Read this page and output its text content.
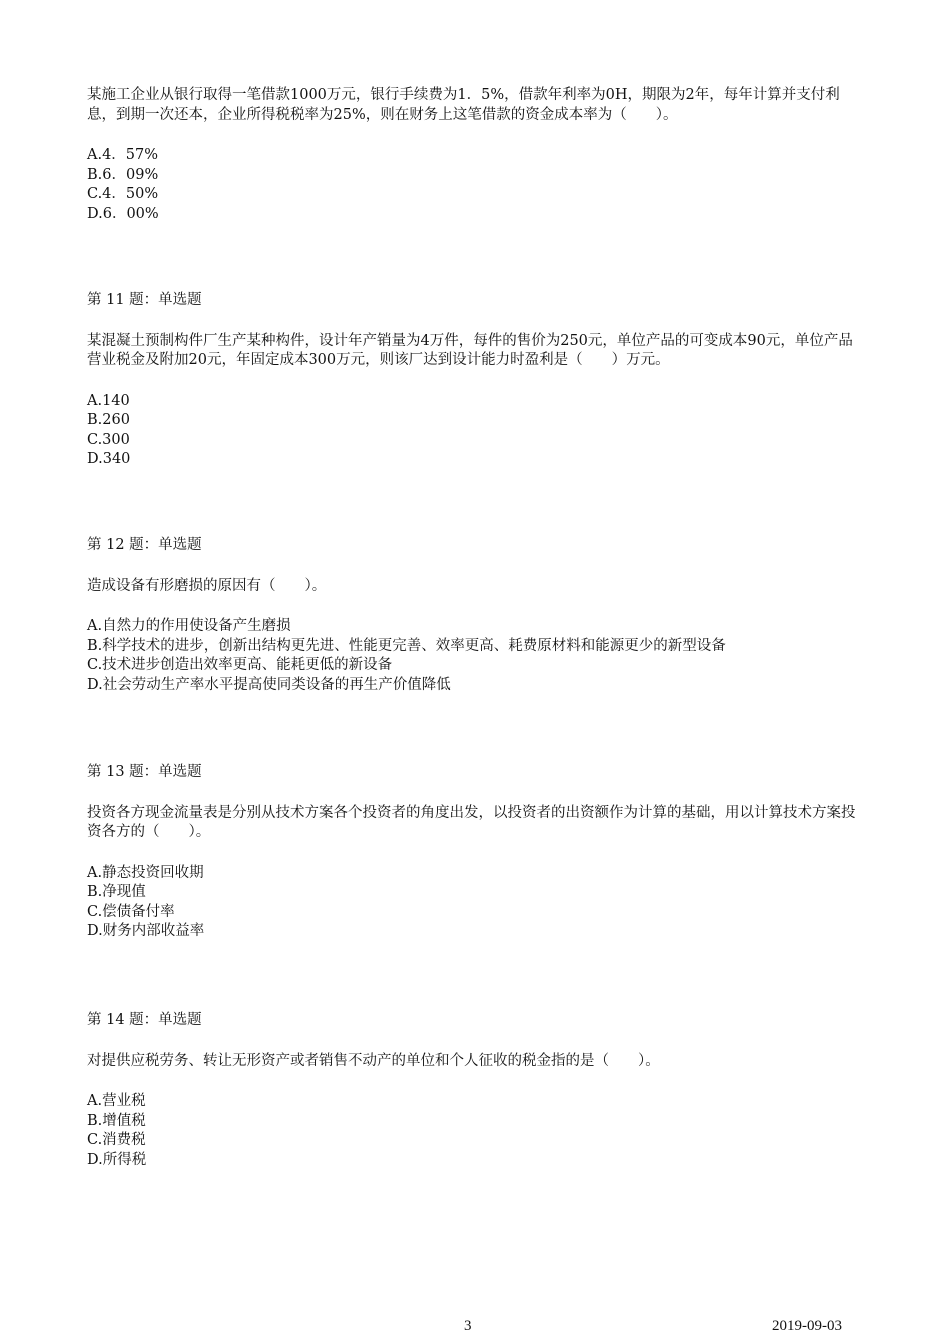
某施工企业从银行取得一笔借款1000万元，银行手续费为1．5%，借款年利率为0H，期限为2年，每年计算并支付利息，到期一次还本，企业所得税税率为25%，则在财务上这笔借款的资金成本率为（　　）。
A.4．57%
B.6．09%
C.4．50%
D.6．00%
第 11 题：单选题
某混凝土预制构件厂生产某种构件，设计年产销量为4万件，每件的售价为250元，单位产品的可变成本90元，单位产品营业税金及附加20元，年固定成本300万元，则该厂达到设计能力时盈利是（　　）万元。
A.140
B.260
C.300
D.340
第 12 题：单选题
造成设备有形磨损的原因有（　　）。
A.自然力的作用使设备产生磨损
B.科学技术的进步，创新出结构更先进、性能更完善、效率更高、耗费原材料和能源更少的新型设备
C.技术进步创造出效率更高、能耗更低的新设备
D.社会劳动生产率水平提高使同类设备的再生产价值降低
第 13 题：单选题
投资各方现金流量表是分别从技术方案各个投资者的角度出发，以投资者的出资额作为计算的基础，用以计算技术方案投资各方的（　　）。
A.静态投资回收期
B.净现值
C.偿债备付率
D.财务内部收益率
第 14 题：单选题
对提供应税劳务、转让无形资产或者销售不动产的单位和个人征收的税金指的是（　　）。
A.营业税
B.增值税
C.消费税
D.所得税
3	2019-09-03
